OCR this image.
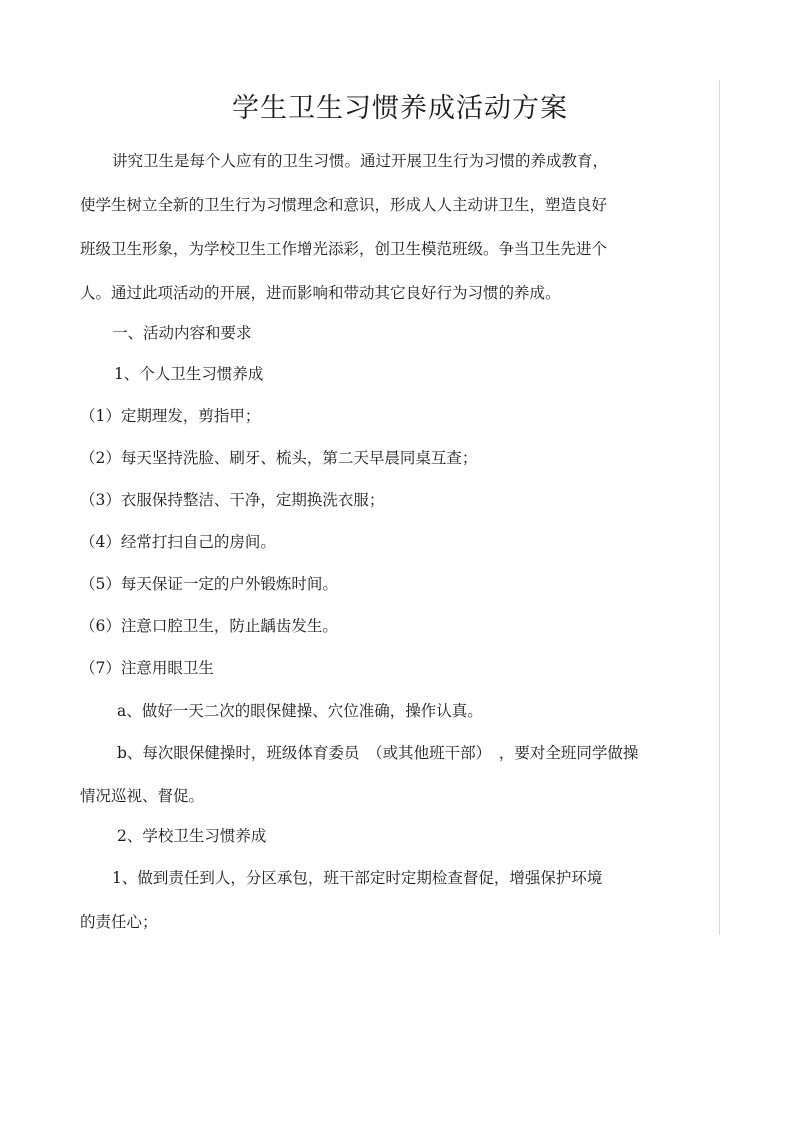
学生卫生习惯养成活动方案
讲究卫生是每个人应有的卫生习惯。通过开展卫生行为习惯的养成教育，
使学生树立全新的卫生行为习惯理念和意识，形成人人主动讲卫生，塑造良好
班级卫生形象，为学校卫生工作增光添彩，创卫生模范班级。争当卫生先进个
人。通过此项活动的开展，进而影响和带动其它良好行为习惯的养成。
一、活动内容和要求
1、个人卫生习惯养成
（1）定期理发，剪指甲；
（2）每天坚持洗脸、刷牙、梳头，第二天早晨同桌互查；
（3）衣服保持整洁、干净，定期换洗衣服；
（4）经常打扫自己的房间。
（5）每天保证一定的户外锻炼时间。
（6）注意口腔卫生，防止龋齿发生。
（7）注意用眼卫生
a、做好一天二次的眼保健操、穴位准确，操作认真。
b、每次眼保健操时，班级体育委员　（或其他班干部）　，要对全班同学做操
情况巡视、督促。
2、学校卫生习惯养成
1、做到责任到人，分区承包，班干部定时定期检查督促，增强保护环境
的责任心；
